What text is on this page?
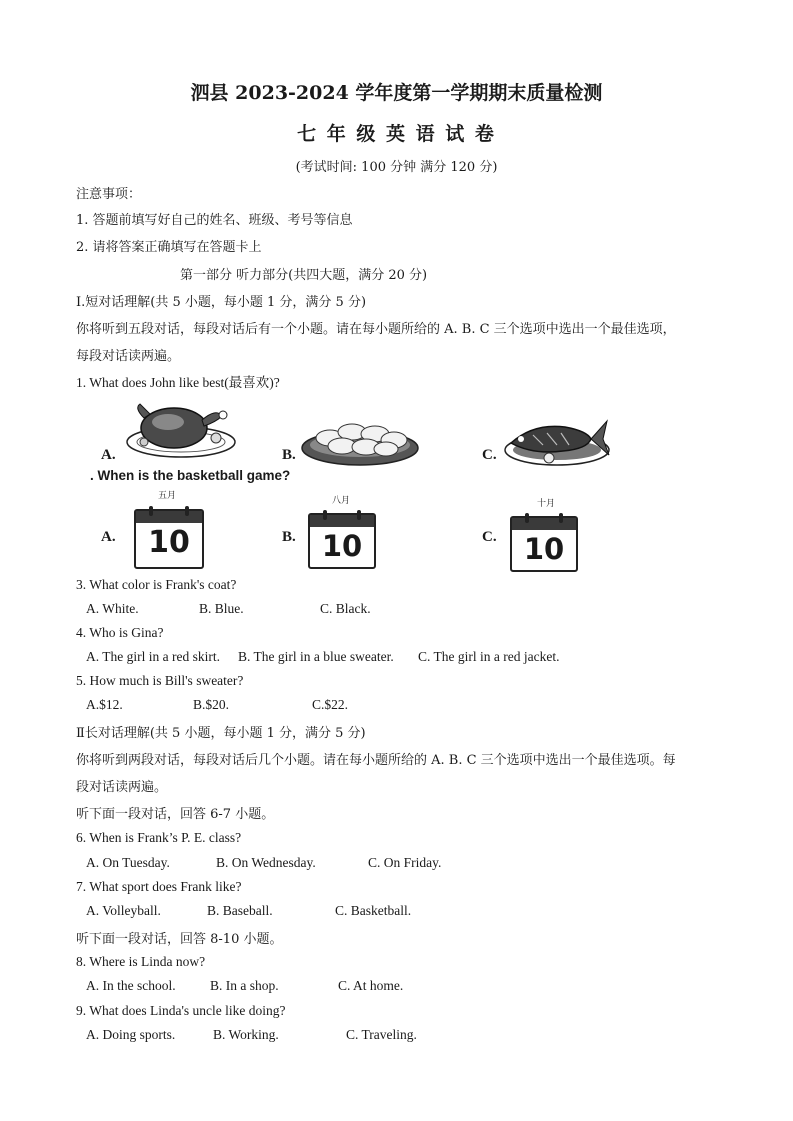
泗县 2023-2024 学年度第一学期期末质量检测
七 年 级 英 语 试 卷
(考试时间: 100 分钟 满分 120 分)
注意事项：
1. 答题前填写好自己的姓名、班级、考号等信息
2. 请将答案正确填写在答题卡上
第一部分 听力部分(共四大题，满分 20 分)
I.短对话理解(共 5 小题，每小题 1 分，满分 5 分)
你将听到五段对话，每段对话后有一个小题。请在每小题所给的 A. B. C 三个选项中选出一个最佳选项，
每段对话读两遍。
1. What does John like best(最喜欢)?
A.	B.	C.
. When is the basketball game?
A.
五月
10	B.
八月
10	C.
十月
10
3. What color is Frank's coat?
A. White.	B. Blue.	C. Black.
4. Who is Gina?
A. The girl in a red skirt. B. The girl in a blue sweater. C. The girl in a red jacket.
5. How much is Bill's sweater?
A.$12.	B.$20.	C.$22.
Ⅱ长对话理解(共 5 小题，每小题 1 分，满分 5 分)
你将听到两段对话，每段对话后几个小题。请在每小题所给的 A. B. C 三个选项中选出一个最佳选项。每
段对话读两遍。
听下面一段对话，回答 6-7 小题。
6. When is Frank’s P. E. class?
A. On Tuesday.	B. On Wednesday.	C. On Friday.
7. What sport does Frank like?
A. Volleyball.	B. Baseball.	C. Basketball.
听下面一段对话，回答 8-10 小题。
8. Where is Linda now?
A. In the school.	B. In a shop.	C. At home.
9. What does Linda's uncle like doing?
A. Doing sports.	B. Working.	C. Traveling.
